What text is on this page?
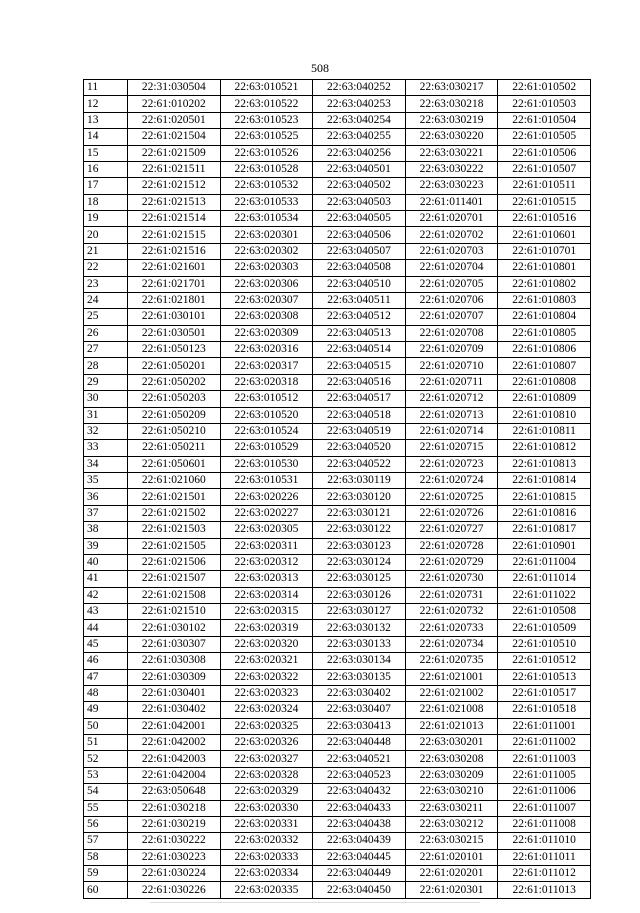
508
11	22:31:030504	22:63:010521	22:63:040252	22:63:030217	22:61:010502
12	22:61:010202	22:63:010522	22:63:040253	22:63:030218	22:61:010503
13	22:61:020501	22:63:010523	22:63:040254	22:63:030219	22:61:010504
14	22:61:021504	22:63:010525	22:63:040255	22:63:030220	22:61:010505
15	22:61:021509	22:63:010526	22:63:040256	22:63:030221	22:61:010506
16	22:61:021511	22:63:010528	22:63:040501	22:63:030222	22:61:010507
17	22:61:021512	22:63:010532	22:63:040502	22:63:030223	22:61:010511
18	22:61:021513	22:63:010533	22:63:040503	22:61:011401	22:61:010515
19	22:61:021514	22:63:010534	22:63:040505	22:61:020701	22:61:010516
20	22:61:021515	22:63:020301	22:63:040506	22:61:020702	22:61:010601
21	22:61:021516	22:63:020302	22:63:040507	22:61:020703	22:61:010701
22	22:61:021601	22:63:020303	22:63:040508	22:61:020704	22:61:010801
23	22:61:021701	22:63:020306	22:63:040510	22:61:020705	22:61:010802
24	22:61:021801	22:63:020307	22:63:040511	22:61:020706	22:61:010803
25	22:61:030101	22:63:020308	22:63:040512	22:61:020707	22:61:010804
26	22:61:030501	22:63:020309	22:63:040513	22:61:020708	22:61:010805
27	22:61:050123	22:63:020316	22:63:040514	22:61:020709	22:61:010806
28	22:61:050201	22:63:020317	22:63:040515	22:61:020710	22:61:010807
29	22:61:050202	22:63:020318	22:63:040516	22:61:020711	22:61:010808
30	22:61:050203	22:63:010512	22:63:040517	22:61:020712	22:61:010809
31	22:61:050209	22:63:010520	22:63:040518	22:61:020713	22:61:010810
32	22:61:050210	22:63:010524	22:63:040519	22:61:020714	22:61:010811
33	22:61:050211	22:63:010529	22:63:040520	22:61:020715	22:61:010812
34	22:61:050601	22:63:010530	22:63:040522	22:61:020723	22:61:010813
35	22:61:021060	22:63:010531	22:63:030119	22:61:020724	22:61:010814
36	22:61:021501	22:63:020226	22:63:030120	22:61:020725	22:61:010815
37	22:61:021502	22:63:020227	22:63:030121	22:61:020726	22:61:010816
38	22:61:021503	22:63:020305	22:63:030122	22:61:020727	22:61:010817
39	22:61:021505	22:63:020311	22:63:030123	22:61:020728	22:61:010901
40	22:61:021506	22:63:020312	22:63:030124	22:61:020729	22:61:011004
41	22:61:021507	22:63:020313	22:63:030125	22:61:020730	22:61:011014
42	22:61:021508	22:63:020314	22:63:030126	22:61:020731	22:61:011022
43	22:61:021510	22:63:020315	22:63:030127	22:61:020732	22:61:010508
44	22:61:030102	22:63:020319	22:63:030132	22:61:020733	22:61:010509
45	22:61:030307	22:63:020320	22:63:030133	22:61:020734	22:61:010510
46	22:61:030308	22:63:020321	22:63:030134	22:61:020735	22:61:010512
47	22:61:030309	22:63:020322	22:63:030135	22:61:021001	22:61:010513
48	22:61:030401	22:63:020323	22:63:030402	22:61:021002	22:61:010517
49	22:61:030402	22:63:020324	22:63:030407	22:61:021008	22:61:010518
50	22:61:042001	22:63:020325	22:63:030413	22:61:021013	22:61:011001
51	22:61:042002	22:63:020326	22:63:040448	22:63:030201	22:61:011002
52	22:61:042003	22:63:020327	22:63:040521	22:63:030208	22:61:011003
53	22:61:042004	22:63:020328	22:63:040523	22:63:030209	22:61:011005
54	22:63:050648	22:63:020329	22:63:040432	22:63:030210	22:61:011006
55	22:61:030218	22:63:020330	22:63:040433	22:63:030211	22:61:011007
56	22:61:030219	22:63:020331	22:63:040438	22:63:030212	22:61:011008
57	22:61:030222	22:63:020332	22:63:040439	22:63:030215	22:61:011010
58	22:61:030223	22:63:020333	22:63:040445	22:61:020101	22:61:011011
59	22:61:030224	22:63:020334	22:63:040449	22:61:020201	22:61:011012
60	22:61:030226	22:63:020335	22:63:040450	22:61:020301	22:61:011013
